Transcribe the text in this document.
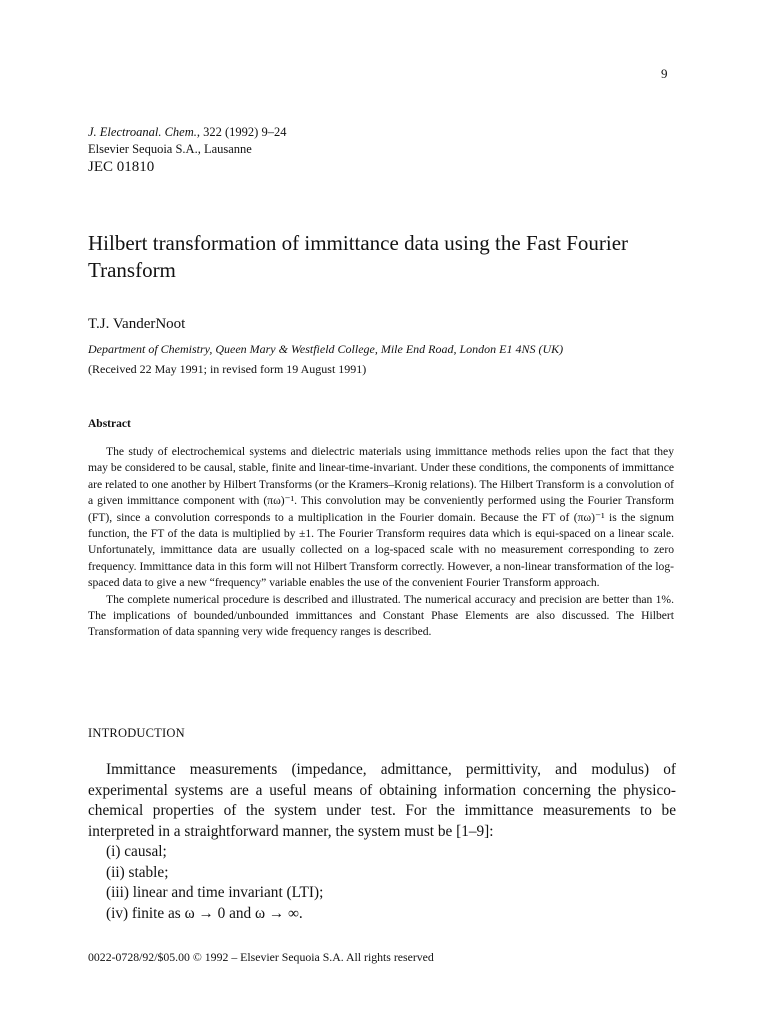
9
J. Electroanal. Chem., 322 (1992) 9–24
Elsevier Sequoia S.A., Lausanne
JEC 01810
Hilbert transformation of immittance data using the Fast Fourier Transform
T.J. VanderNoot
Department of Chemistry, Queen Mary & Westfield College, Mile End Road, London E1 4NS (UK)
(Received 22 May 1991; in revised form 19 August 1991)
Abstract

The study of electrochemical systems and dielectric materials using immittance methods relies upon the fact that they may be considered to be causal, stable, finite and linear-time-invariant. Under these conditions, the components of immittance are related to one another by Hilbert Transforms (or the Kramers–Kronig relations). The Hilbert Transform is a convolution of a given immittance component with (πω)⁻¹. This convolution may be conveniently performed using the Fourier Transform (FT), since a convolution corresponds to a multiplication in the Fourier domain. Because the FT of (πω)⁻¹ is the signum function, the FT of the data is multiplied by ±1. The Fourier Transform requires data which is equi-spaced on a linear scale. Unfortunately, immittance data are usually collected on a log-spaced scale with no measurement corresponding to zero frequency. Immittance data in this form will not Hilbert Transform correctly. However, a non-linear transformation of the log-spaced data to give a new “frequency” variable enables the use of the convenient Fourier Transform approach.

The complete numerical procedure is described and illustrated. The numerical accuracy and precision are better than 1%. The implications of bounded/unbounded immittances and Constant Phase Elements are also discussed. The Hilbert Transformation of data spanning very wide frequency ranges is described.

INTRODUCTION

Immittance measurements (impedance, admittance, permittivity, and modulus) of experimental systems are a useful means of obtaining information concerning the physico-chemical properties of the system under test. For the immittance measurements to be interpreted in a straightforward manner, the system must be [1–9]:

(i) causal;
(ii) stable;
(iii) linear and time invariant (LTI);
(iv) finite as ω → 0 and ω → ∞.
0022-0728/92/$05.00 © 1992 – Elsevier Sequoia S.A. All rights reserved
